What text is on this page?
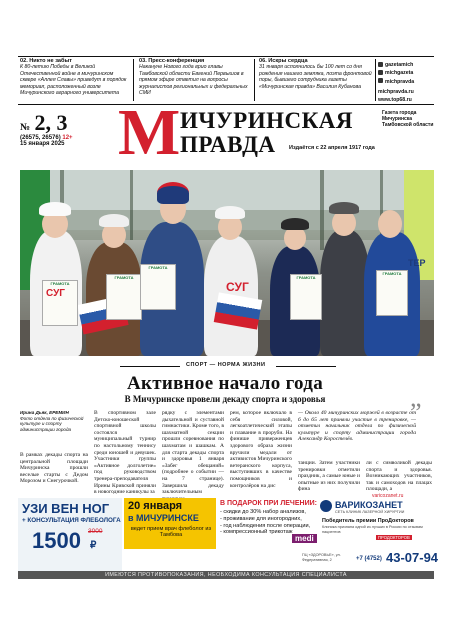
02. Никто не забыт
К 80-летию Победы в Великой Отечественной войне в мичуринском сквере «Аллея Славы» приведут в порядок мемориал, расположенный возле Мичуринского аграрного университета
03. Пресс-конференция
Накануне Нового года врио главы Тамбовской области Евгений Первышов в прямом эфире ответил на вопросы журналистов региональных и федеральных СМИ
06. Искры сердца
31 января исполнилось бы 100 лет со дня рождения нашего земляка, поэта фронтовой поры, бывшего сотрудника газеты «Мичуринская правда» Василия Кубанова
gazetamich
michgazeta
michpravda
michpravda.ru
www.top68.ru
№ 2, 3
(26575, 26576) 12+
15 января 2025 М ИЧУРИНСКАЯ
ПРАВДА
Газета города Мичуринска Тамбовской области
Издаётся с 22 апреля 1917 года
ГРАМОТА
ГРАМОТА
ГРАМОТА
ГРАМОТА
ГРАМОТА
СУГ
СУГ
ТЕР
СПОРТ — НОРМА ЖИЗНИ
Активное начало года
В Мичуринске провели декаду спорта и здоровья
Ирина Дьяк, ЕРЕМИН
Фото отдела по физической культуре и спорту администрации города
В рамках декады спорта на центральной площади Мичуринска прошли веселые старты с Дедом Морозом и Снегурочкой.
В спортивном зале Детско-юношеской спортивной школы состоялся муниципальный турнир по настольному теннису среди юношей и девушек. Участники группы «Активное долголетие» под руководством тренера-преподавателя Ирины Кривской приняли в новогодние каникулы за
рядку с элементами дыхательной и суставной гимнастики. Кроме того, в шахматной секции прошли соревнования по шахматам и шашкам. А для старта декады спорта и здоровья 1 января «Забег обещаний» (подробнее о событии — на 7 странице). Завершила декаду заключительным
рем, которое включало в себя силовой, легкоатлетический этапы и плавание в проруби. На финише приверженцев здорового образа жизни вручили медали от активистов Мичуринского ветеранского корпуса, выступивших в качестве помощников и контролёров на дис
— Около 40 мичуринских моржей в возрасте от 6 до 65 лет приняли участие в тренировке, — отметил начальник отдела по физической культуре и спорту администрации города Александр Коростелёв.
”
танции. Затем участники тренировки отметили праздник, а самые юные и опытные из них получили фина
ли с символикой декады спорта и здоровья. Возникающих участников, так и самоходов на плацах площади, а
УЗИ ВЕН НОГ
+ КОНСУЛЬТАЦИЯ ФЛЕБОЛОГА
3000
1500 ₽
20 января
в МИЧУРИНСКЕ
ведет прием врач флеболог из Тамбова
В ПОДАРОК ПРИ ЛЕЧЕНИИ:
- скидки до 30% набор анализов,
- проживание для иногородних,
- год наблюдения после операции,
- компрессионный трикотаж
medi
varicozanet.ru
ВАРИКОЗАНЕТ
СЕТЬ КЛИНИК ЛАЗЕРНОЙ ХИРУРГИИ
Победитель премии ПроДокторов
Клиника признана одной из лучших в России по отзывам пациентов
ПРОДОКТОРОВ
ПЦ «ЗДОРОВЬЕ», ул. Федеративная, 2	+7 (4752) 43-07-94
ИМЕЮТСЯ ПРОТИВОПОКАЗАНИЯ, НЕОБХОДИМА КОНСУЛЬТАЦИЯ СПЕЦИАЛИСТА
